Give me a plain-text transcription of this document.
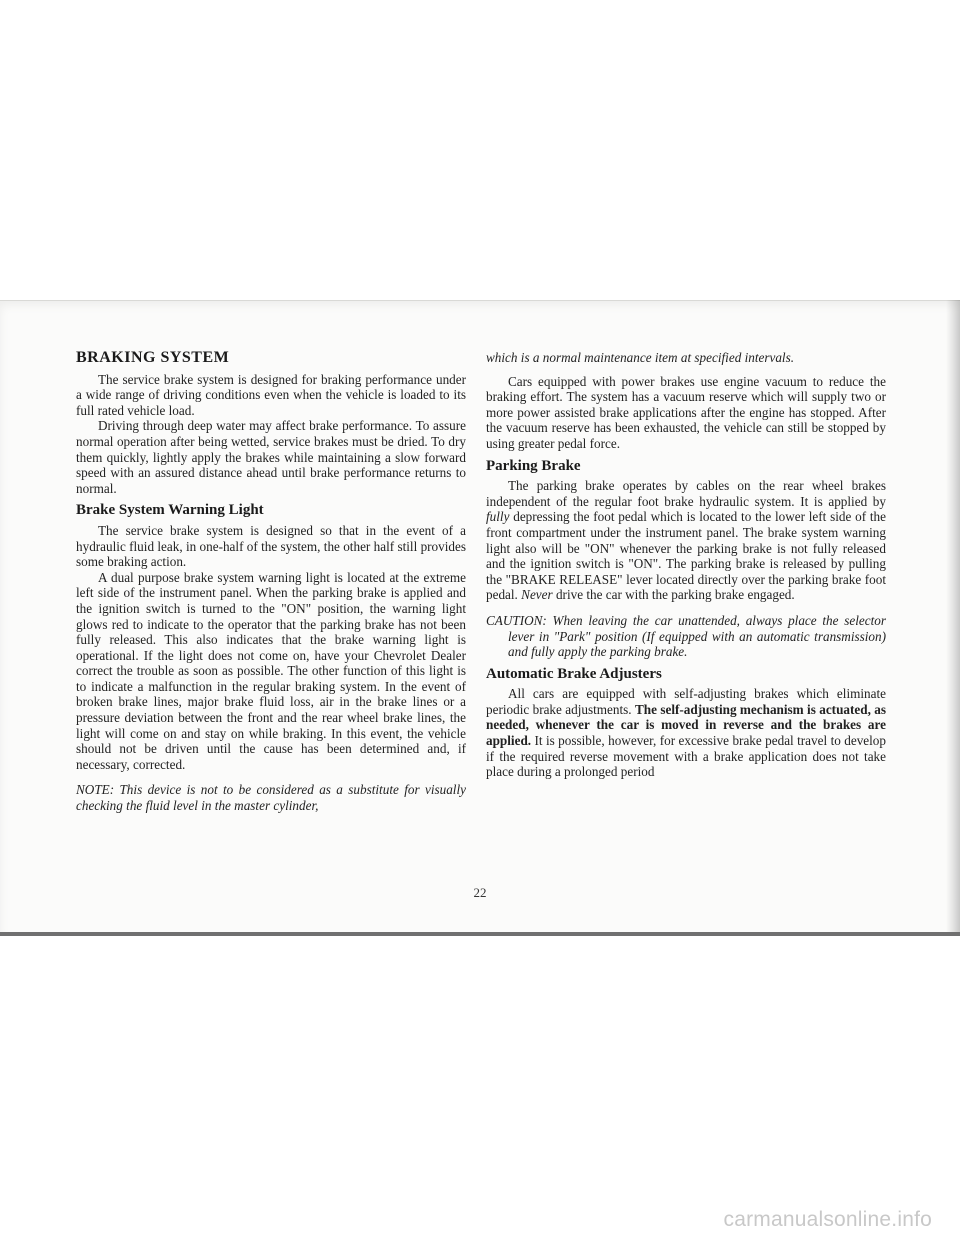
BRAKING SYSTEM

The service brake system is designed for braking performance under a wide range of driving conditions even when the vehicle is loaded to its full rated vehicle load.

Driving through deep water may affect brake performance. To assure normal operation after being wetted, service brakes must be dried. To dry them quickly, lightly apply the brakes while maintaining a slow forward speed with an assured distance ahead until brake performance returns to normal.

Brake System Warning Light

The service brake system is designed so that in the event of a hydraulic fluid leak, in one-half of the system, the other half still provides some braking action.

A dual purpose brake system warning light is located at the extreme left side of the instrument panel. When the parking brake is applied and the ignition switch is turned to the "ON" position, the warning light glows red to indicate to the operator that the parking brake has not been fully released. This also indicates that the brake warning light is operational. If the light does not come on, have your Chevrolet Dealer correct the trouble as soon as possible. The other function of this light is to indicate a malfunction in the regular braking system. In the event of broken brake lines, major brake fluid loss, air in the brake lines or a pressure deviation between the front and the rear wheel brake lines, the light will come on and stay on while braking. In this event, the vehicle should not be driven until the cause has been determined and, if necessary, corrected.

NOTE: This device is not to be considered as a substitute for visually checking the fluid level in the master cylinder,

which is a normal maintenance item at specified intervals.

Cars equipped with power brakes use engine vacuum to reduce the braking effort. The system has a vacuum reserve which will supply two or more power assisted brake applications after the engine has stopped. After the vacuum reserve has been exhausted, the vehicle can still be stopped by using greater pedal force.

Parking Brake

The parking brake operates by cables on the rear wheel brakes independent of the regular foot brake hydraulic system. It is applied by fully depressing the foot pedal which is located to the lower left side of the front compartment under the instrument panel. The brake system warning light also will be "ON" whenever the parking brake is not fully released and the ignition switch is "ON". The parking brake is released by pulling the "BRAKE RELEASE" lever located directly over the parking brake foot pedal. Never drive the car with the parking brake engaged.

CAUTION: When leaving the car unattended, always place the selector lever in "Park" position (If equipped with an automatic transmission) and fully apply the parking brake.

Automatic Brake Adjusters

All cars are equipped with self-adjusting brakes which eliminate periodic brake adjustments. The self-adjusting mechanism is actuated, as needed, whenever the car is moved in reverse and the brakes are applied. It is possible, however, for excessive brake pedal travel to develop if the required reverse movement with a brake application does not take place during a prolonged period

22
carmanualsonline.info
